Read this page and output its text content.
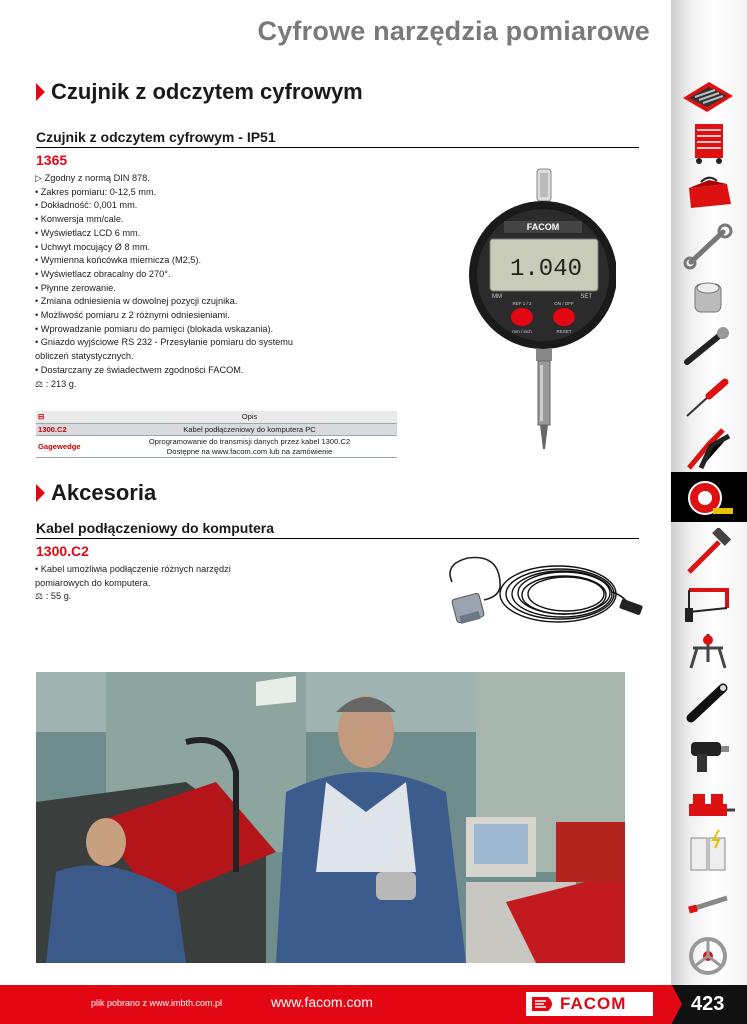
Cyfrowe narzędzia pomiarowe
Czujnik z odczytem cyfrowym
Czujnik z odczytem cyfrowym - IP51
1365
▷ Zgodny z normą DIN 878.
• Zakres pomiaru: 0-12,5 mm.
• Dokładność: 0,001 mm.
• Konwersja mm/cale.
• Wyświetlacz LCD 6 mm.
• Uchwyt mocujący Ø 8 mm.
• Wymienna końcówka miernicza (M2,5).
• Wyświetlacz obracalny do 270°.
• Płynne zerowanie.
• Zmiana odniesienia w dowolnej pozycji czujnika.
• Możliwość pomiaru z 2 różnymi odniesieniami.
• Wprowadzanie pomiaru do pamięci (blokada wskazania).
• Gniazdo wyjściowe RS 232 - Przesyłanie pomiaru do systemu
obliczeń statystycznych.
• Dostarczany ze świadectwem zgodności FACOM.
⚖ : 213 g.
FACOM
1.040
MM	SET
REF 1 / 2	ON / OFF
mm / inch	RESET
⊟	Opis
1300.C2	Kabel podłączeniowy do komputera PC
Gagewedge	Oprogramowanie do transmisji danych przez kabel 1300.C2
Dostępne na www.facom.com lub na zamówienie
Akcesoria
Kabel podłączeniowy do komputera
1300.C2
• Kabel umożliwia podłączenie różnych narzędzi
pomiarowych do komputera.
⚖ : 55 g.
plik pobrano z www.imbth.com.pl	www.facom.com	FACOM	423
